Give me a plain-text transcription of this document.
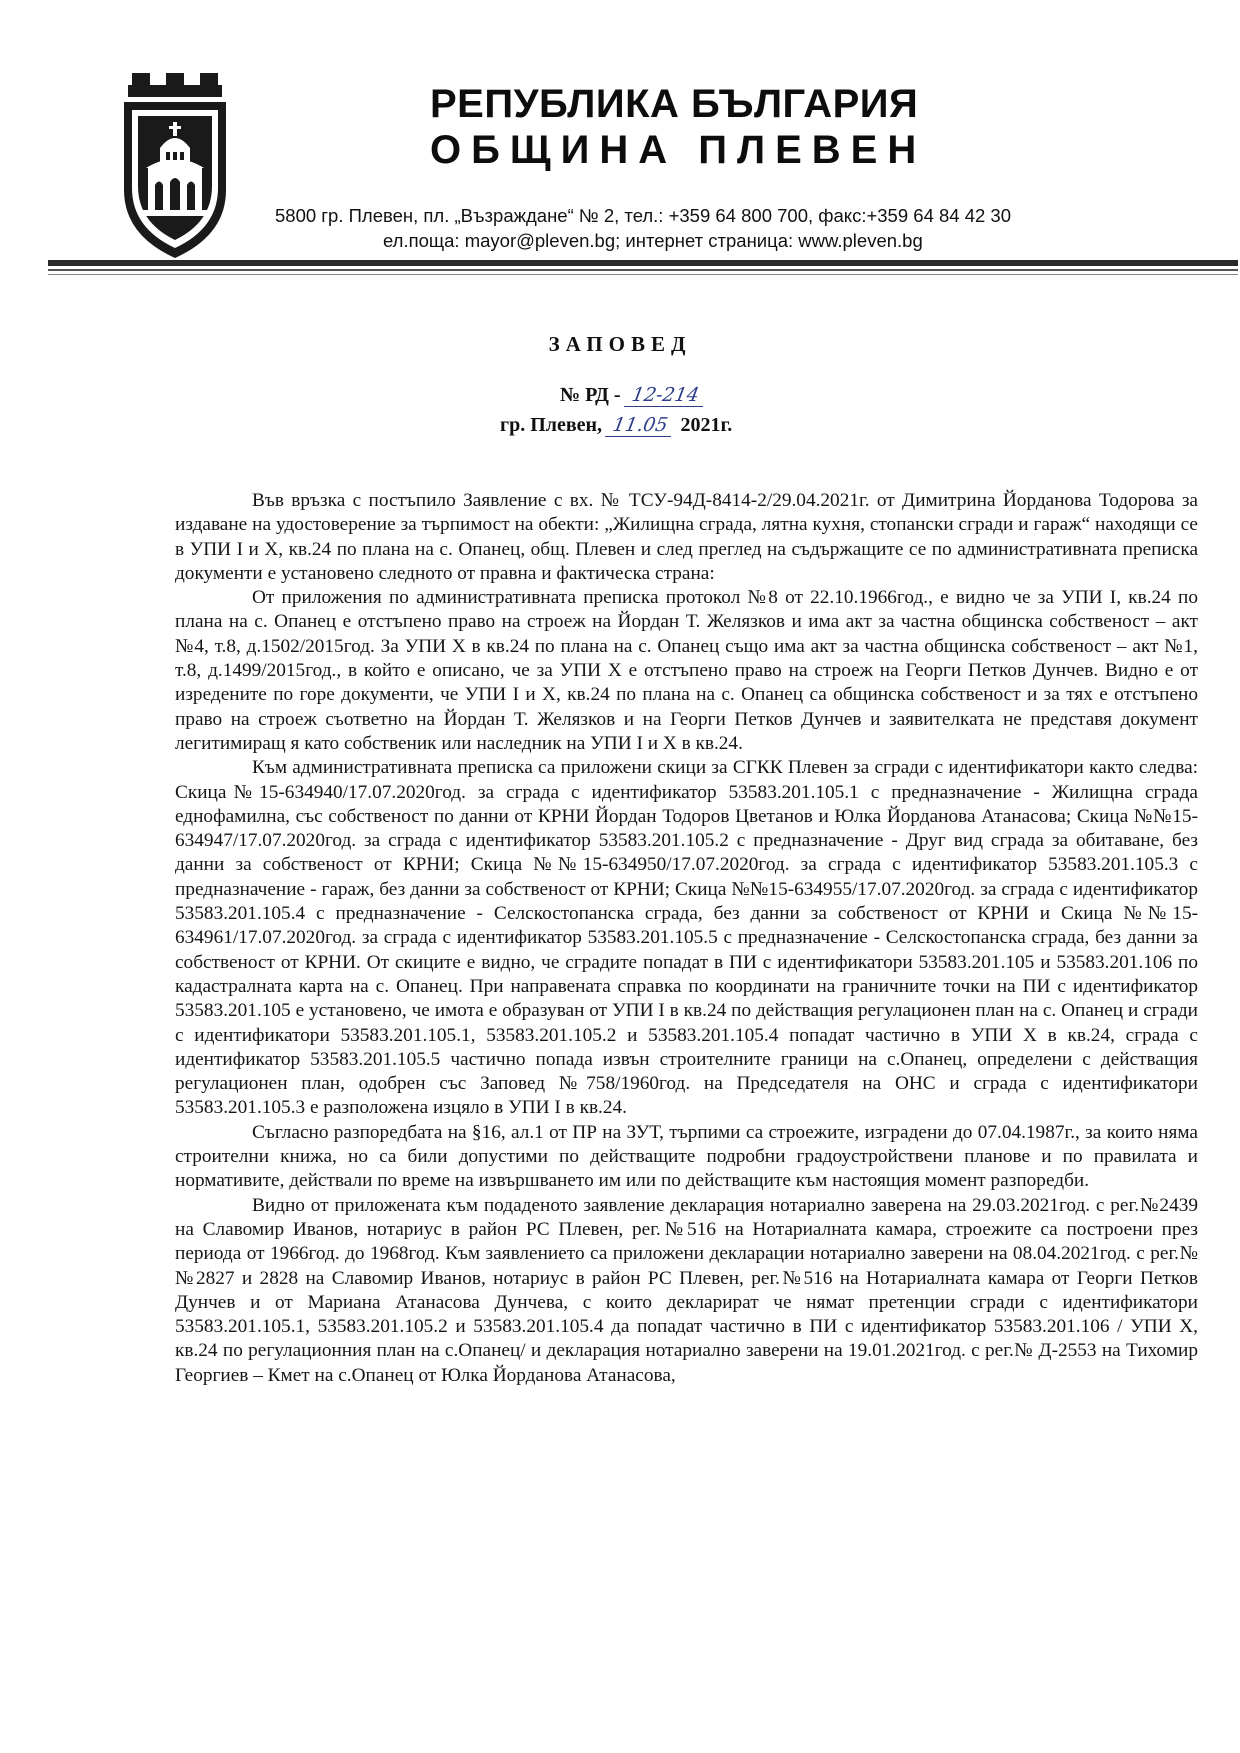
РЕПУБЛИКА БЪЛГАРИЯ
ОБЩИНА ПЛЕВЕН
5800 гр. Плевен, пл. „Възраждане“ № 2, тел.: +359 64 800 700, факс:+359 64 84 42 30
ел.поща: mayor@pleven.bg; интернет страница: www.pleven.bg
ЗАПОВЕД
№ РД - 12-214
гр. Плевен, 11.05 2021г.

Във връзка с постъпило Заявление с вх. № ТСУ-94Д-8414-2/29.04.2021г. от Димитрина Йорданова Тодорова за издаване на удостоверение за търпимост на обекти: „Жилищна сграда, лятна кухня, стопански сгради и гараж“ находящи се в УПИ I и X, кв.24 по плана на с. Опанец, общ. Плевен и след преглед на съдържащите се по административната преписка документи е установено следното от правна и фактическа страна:

От приложения по административната преписка протокол №8 от 22.10.1966год., е видно че за УПИ I, кв.24 по плана на с. Опанец е отстъпено право на строеж на Йордан Т. Желязков и има акт за частна общинска собственост – акт №4, т.8, д.1502/2015год. За УПИ X в кв.24 по плана на с. Опанец също има акт за частна общинска собственост – акт №1, т.8, д.1499/2015год., в който е описано, че за УПИ X е отстъпено право на строеж на Георги Петков Дунчев. Видно е от изредените по горе документи, че УПИ I и X, кв.24 по плана на с. Опанец са общинска собственост и за тях е отстъпено право на строеж съответно на Йордан Т. Желязков и на Георги Петков Дунчев и заявителката не представя документ легитимиращ я като собственик или наследник на УПИ I и X в кв.24.

Към административната преписка са приложени скици за СГКК Плевен за сгради с идентификатори както следва: Скица№15-634940/17.07.2020год. за сграда с идентификатор 53583.201.105.1 с предназначение - Жилищна сграда еднофамилна, със собственост по данни от КРНИ Йордан Тодоров Цветанов и Юлка Йорданова Атанасова; Скица №№15-634947/17.07.2020год. за сграда с идентификатор 53583.201.105.2 с предназначение - Друг вид сграда за обитаване, без данни за собственост от КРНИ; Скица №№15-634950/17.07.2020год. за сграда с идентификатор 53583.201.105.3 с предназначение - гараж, без данни за собственост от КРНИ; Скица №№15-634955/17.07.2020год. за сграда с идентификатор 53583.201.105.4 с предназначение - Селскостопанска сграда, без данни за собственост от КРНИ и Скица №№15-634961/17.07.2020год. за сграда с идентификатор 53583.201.105.5 с предназначение - Селскостопанска сграда, без данни за собственост от КРНИ. От скиците е видно, че сградите попадат в ПИ с идентификатори 53583.201.105 и 53583.201.106 по кадастралната карта на с. Опанец. При направената справка по координати на граничните точки на ПИ с идентификатор 53583.201.105 е установено, че имота е образуван от УПИ I в кв.24 по действащия регулационен план на с. Опанец и сгради с идентификатори 53583.201.105.1, 53583.201.105.2 и 53583.201.105.4 попадат частично в УПИ X в кв.24, сграда с идентификатор 53583.201.105.5 частично попада извън строителните граници на с.Опанец, определени с действащия регулационен план, одобрен със Заповед №758/1960год. на Председателя на ОНС и сграда с идентификатори 53583.201.105.3 е разположена изцяло в УПИ I в кв.24.

Съгласно разпоредбата на §16, ал.1 от ПР на ЗУТ, търпими са строежите, изградени до 07.04.1987г., за които няма строителни книжа, но са били допустими по действащите подробни градоустройствени планове и по правилата и нормативите, действали по време на извършването им или по действащите към настоящия момент разпоредби.

Видно от приложената към подаденото заявление декларация нотариално заверена на 29.03.2021год. с рег.№2439 на Славомир Иванов, нотариус в район РС Плевен, рег.№516 на Нотариалната камара, строежите са построени през периода от 1966год. до 1968год. Към заявлението са приложени декларации нотариално заверени на 08.04.2021год. с рег.№№2827 и 2828 на Славомир Иванов, нотариус в район РС Плевен, рег.№516 на Нотариалната камара от Георги Петков Дунчев и от Мариана Атанасова Дунчева, с които декларират че нямат претенции сгради с идентификатори 53583.201.105.1, 53583.201.105.2 и 53583.201.105.4 да попадат частично в ПИ с идентификатор 53583.201.106 / УПИ X, кв.24 по регулационния план на с.Опанец/ и декларация нотариално заверени на 19.01.2021год. с рег.№ Д-2553 на Тихомир Георгиев – Кмет на с.Опанец от Юлка Йорданова Атанасова,
